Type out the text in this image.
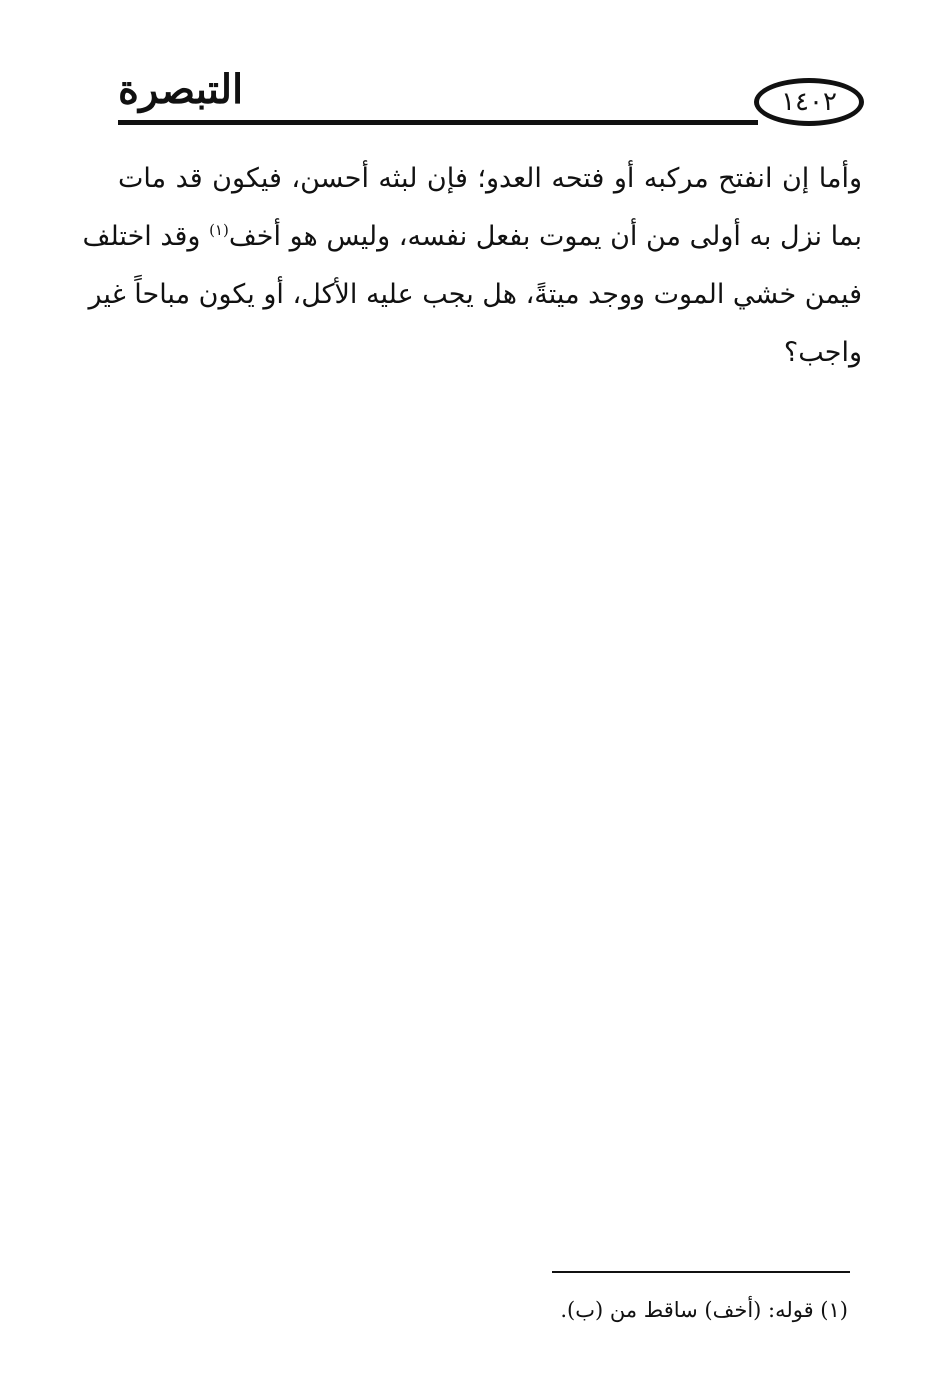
التبصرة	١٤٠٢
وأما إن انفتح مركبه أو فتحه العدو؛ فإن لبثه أحسن، فيكون قد مات
بما نزل به أولى من أن يموت بفعل نفسه، وليس هو أخف$^{(١)}$ وقد اختلف
فيمن خشي الموت ووجد ميتةً، هل يجب عليه الأكل، أو يكون مباحاً غير
واجب؟
(١) قوله: (أخف) ساقط من (ب).
